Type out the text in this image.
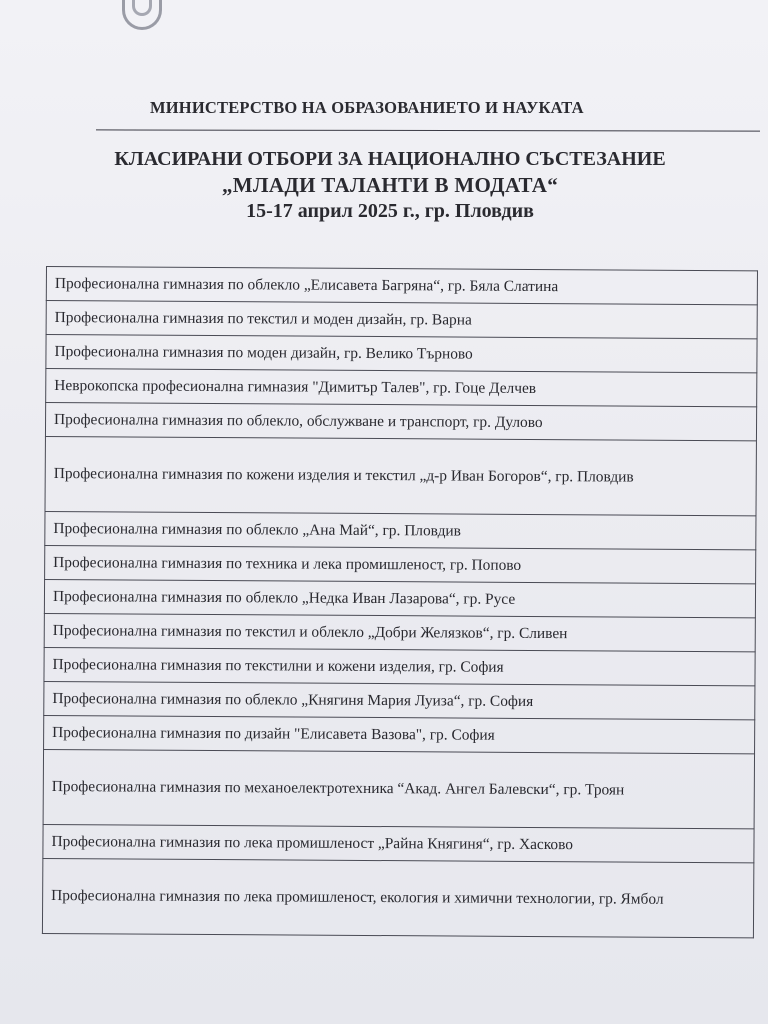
МИНИСТЕРСТВО НА ОБРАЗОВАНИЕТО И НАУКАТА
КЛАСИРАНИ ОТБОРИ ЗА НАЦИОНАЛНО СЪСТЕЗАНИЕ
„МЛАДИ ТАЛАНТИ В МОДАТА“
15-17 април 2025 г., гр. Пловдив
Професионална гимназия по облекло „Елисавета Багряна“, гр. Бяла Слатина
Професионална гимназия по текстил и моден дизайн, гр. Варна
Професионална гимназия по моден дизайн, гр. Велико Търново
Неврокопска професионална гимназия "Димитър Талев", гр. Гоце Делчев
Професионална гимназия по облекло, обслужване и транспорт, гр. Дулово
Професионална гимназия по кожени изделия и текстил „д-р Иван Богоров“, гр. Пловдив
Професионална гимназия по облекло „Ана Май“, гр. Пловдив
Професионална гимназия по техника и лека промишленост, гр. Попово
Професионална гимназия по облекло „Недка Иван Лазарова“, гр. Русе
Професионална гимназия по текстил и облекло „Добри Желязков“, гр. Сливен
Професионална гимназия по текстилни и кожени изделия, гр. София
Професионална гимназия по облекло „Княгиня Мария Луиза“, гр. София
Професионална гимназия по дизайн "Елисавета Вазова", гр. София
Професионална гимназия по механоелектротехника “Акад. Ангел Балевски“, гр. Троян
Професионална гимназия по лека промишленост „Райна Княгиня“, гр. Хасково
Професионална гимназия по лека промишленост, екология и химични технологии, гр. Ямбол
